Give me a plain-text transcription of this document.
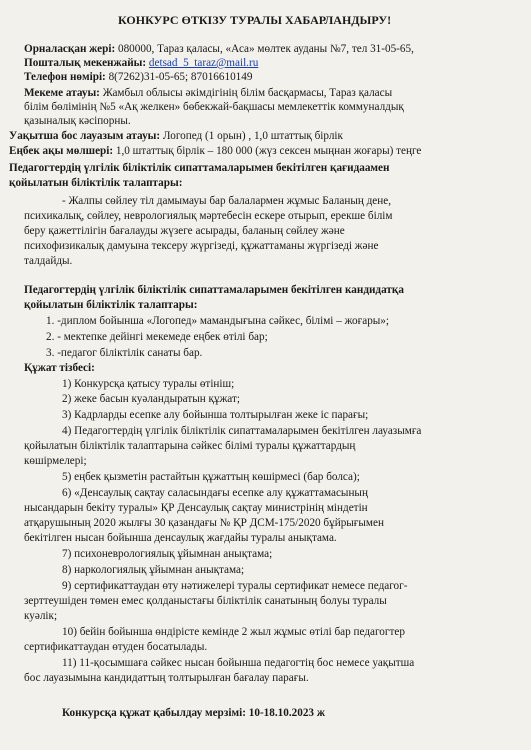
КОНКУРС ӨТКІЗУ ТУРАЛЫ ХАБАРЛАНДЫРУ!
Орналасқан жері: 080000, Тараз қаласы, «Аса» мөлтек ауданы №7, тел 31-05-65,
Пошталық мекенжайы: detsad_5_taraz@mail.ru
Телефон нөмірі: 8(7262)31-05-65; 87016610149
Мекеме атауы: Жамбыл облысы әкімдігінің білім басқармасы, Тараз қаласы
білім бөлімінің №5 «Ақ желкен» бөбекжай-бақшасы мемлекеттік коммуналдық
қазыналық кәсіпорны.
Уақытша бос лауазым атауы: Логопед (1 орын) , 1,0 штаттық бірлік
Еңбек ақы мөлшері: 1,0 штаттық бірлік – 180 000 (жүз сексен мыңнан жоғары) теңге
Педагогтердің үлгілік біліктілік сипаттамаларымен бекітілген қағидаамен
қойылатын біліктілік талаптары:
- Жалпы сөйлеу тіл дамымауы бар балалармен жұмыс Баланың дене,
психикалық, сөйлеу, неврологиялық мәртебесін ескере отырып, ерекше білім
беру қажеттілігін бағалауды жүзеге асырады, баланың сөйлеу және
психофизикалық дамуына тексеру жүргізеді, құжаттаманы жүргізеді және
талдайды.
Педагогтердің үлгілік біліктілік сипаттамаларымен бекітілген кандидатқа
қойылатын біліктілік талаптары:
1. -диплом бойынша «Логопед» мамандығына сәйкес, білімі – жоғары»;
2. - мектепке дейінгі мекемеде еңбек өтілі бар;
3. -педагог біліктілік санаты бар.
Құжат тізбесі:
1) Конкурсқа қатысу туралы өтініш;
2) жеке басын куәландыратын құжат;
3) Кадрларды есепке алу бойынша толтырылған жеке іс парағы;
4) Педагогтердің үлгілік біліктілік сипаттамаларымен бекітілген лауазымға
қойылатын біліктілік талаптарына сәйкес білімі туралы құжаттардың
көшірмелері;
5) еңбек қызметін растайтын құжаттың көшірмесі (бар болса);
6) «Денсаулық сақтау саласындағы есепке алу құжаттамасының
нысандарын бекіту туралы» ҚР Денсаулық сақтау министрінің міндетін
атқарушының 2020 жылғы 30 қазандағы № ҚР ДСМ-175/2020 бұйрығымен
бекітілген нысан бойынша денсаулық жағдайы туралы анықтама.
7) психоневрологиялық ұйымнан анықтама;
8) наркологиялық ұйымнан анықтама;
9) сертификаттаудан өту нәтижелері туралы сертификат немесе педагог-
зерттеушіден төмен емес қолданыстағы біліктілік санатының болуы туралы
куәлік;
10) бейін бойынша өндірісте кемінде 2 жыл жұмыс өтілі бар педагогтер
сертификаттаудан өтуден босатылады.
11) 11-қосымшаға сәйкес нысан бойынша педагогтің бос немесе уақытша
бос лауазымына кандидаттың толтырылған бағалау парағы.
Конкурсқа құжат қабылдау мерзімі: 10-18.10.2023 ж
